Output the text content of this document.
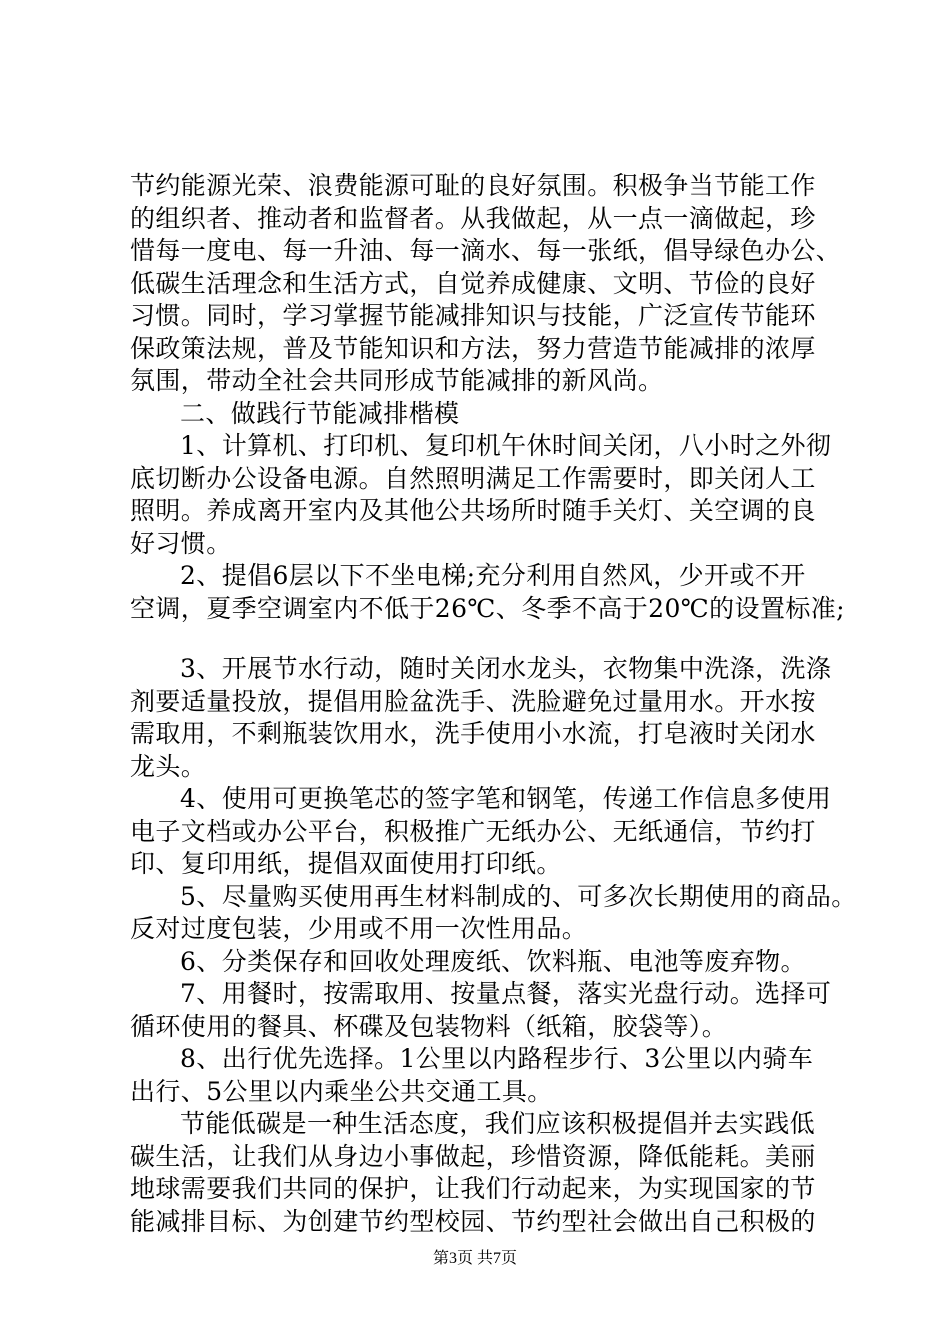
节约能源光荣、浪费能源可耻的良好氛围。积极争当节能工作
的组织者、推动者和监督者。从我做起，从一点一滴做起，珍
惜每一度电、每一升油、每一滴水、每一张纸，倡导绿色办公、
低碳生活理念和生活方式，自觉养成健康、文明、节俭的良好
习惯。同时，学习掌握节能减排知识与技能，广泛宣传节能环
保政策法规，普及节能知识和方法，努力营造节能减排的浓厚
氛围，带动全社会共同形成节能减排的新风尚。
二、做践行节能减排楷模
1、计算机、打印机、复印机午休时间关闭，八小时之外彻
底切断办公设备电源。自然照明满足工作需要时，即关闭人工
照明。养成离开室内及其他公共场所时随手关灯、关空调的良
好习惯。
2、提倡6层以下不坐电梯;充分利用自然风，少开或不开
空调，夏季空调室内不低于26℃、冬季不高于20℃的设置标准;
3、开展节水行动，随时关闭水龙头，衣物集中洗涤，洗涤
剂要适量投放，提倡用脸盆洗手、洗脸避免过量用水。开水按
需取用，不剩瓶装饮用水，洗手使用小水流，打皂液时关闭水
龙头。
4、使用可更换笔芯的签字笔和钢笔，传递工作信息多使用
电子文档或办公平台，积极推广无纸办公、无纸通信，节约打
印、复印用纸，提倡双面使用打印纸。
5、尽量购买使用再生材料制成的、可多次长期使用的商品。
反对过度包装，少用或不用一次性用品。
6、分类保存和回收处理废纸、饮料瓶、电池等废弃物。
7、用餐时，按需取用、按量点餐，落实光盘行动。选择可
循环使用的餐具、杯碟及包装物料（纸箱，胶袋等）。
8、出行优先选择。1公里以内路程步行、3公里以内骑车
出行、5公里以内乘坐公共交通工具。
节能低碳是一种生活态度，我们应该积极提倡并去实践低
碳生活，让我们从身边小事做起，珍惜资源，降低能耗。美丽
地球需要我们共同的保护，让我们行动起来，为实现国家的节
能减排目标、为创建节约型校园、节约型社会做出自己积极的
第3页 共7页
